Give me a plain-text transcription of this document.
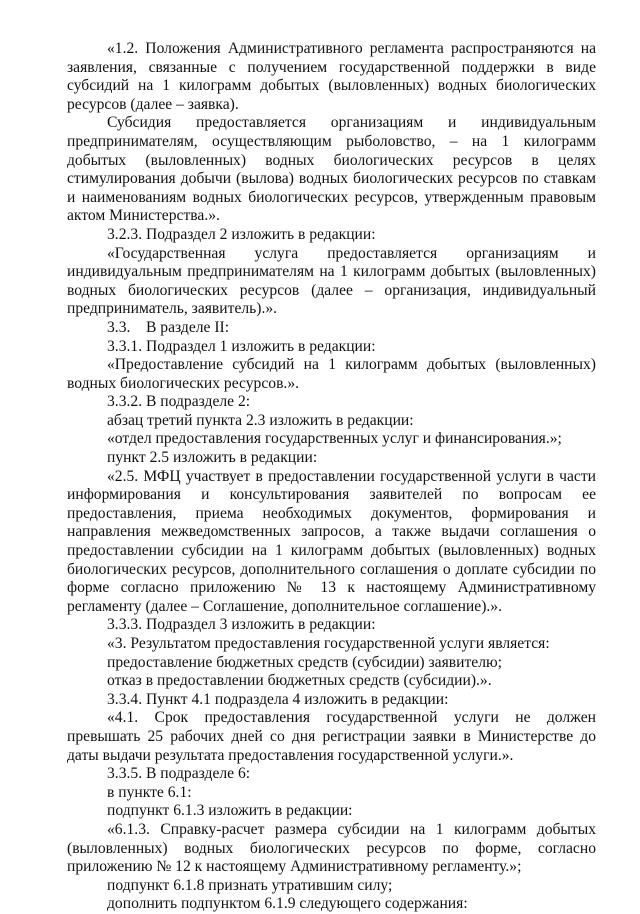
«1.2. Положения Административного регламента распространяются на заявления, связанные с получением государственной поддержки в виде субсидий на 1 килограмм добытых (выловленных) водных биологических ресурсов (далее – заявка).

Субсидия предоставляется организациям и индивидуальным предпринимателям, осуществляющим рыболовство, – на 1 килограмм добытых (выловленных) водных биологических ресурсов в целях стимулирования добычи (вылова) водных биологических ресурсов по ставкам и наименованиям водных биологических ресурсов, утвержденным правовым актом Министерства.».

3.2.3. Подраздел 2 изложить в редакции:

«Государственная услуга предоставляется организациям и индивидуальным предпринимателям на 1 килограмм добытых (выловленных) водных биологических ресурсов (далее – организация, индивидуальный предприниматель, заявитель).».

3.3.    В разделе II:

3.3.1. Подраздел 1 изложить в редакции:

«Предоставление субсидий на 1 килограмм добытых (выловленных) водных биологических ресурсов.».

3.3.2. В подразделе 2:

абзац третий пункта 2.3 изложить в редакции:

«отдел предоставления государственных услуг и финансирования.»;

пункт 2.5 изложить в редакции:

«2.5. МФЦ участвует в предоставлении государственной услуги в части информирования и консультирования заявителей по вопросам ее предоставления, приема необходимых документов, формирования и направления межведомственных запросов, а также выдачи соглашения о предоставлении субсидии на 1 килограмм добытых (выловленных) водных биологических ресурсов, дополнительного соглашения о доплате субсидии по форме согласно приложению № 13 к настоящему Административному регламенту (далее – Соглашение, дополнительное соглашение).».

3.3.3. Подраздел 3 изложить в редакции:

«3. Результатом предоставления государственной услуги является:

предоставление бюджетных средств (субсидии) заявителю;

отказ в предоставлении бюджетных средств (субсидии).».

3.3.4. Пункт 4.1 подраздела 4 изложить в редакции:

«4.1. Срок предоставления государственной услуги не должен превышать 25 рабочих дней со дня регистрации заявки в Министерстве до даты выдачи результата предоставления государственной услуги.».

3.3.5. В подразделе 6:

в пункте 6.1:

подпункт 6.1.3 изложить в редакции:

«6.1.3. Справку-расчет размера субсидии на 1 килограмм добытых (выловленных) водных биологических ресурсов по форме, согласно приложению № 12 к настоящему Административному регламенту.»;

подпункт 6.1.8 признать утратившим силу;

дополнить подпунктом 6.1.9 следующего содержания:
